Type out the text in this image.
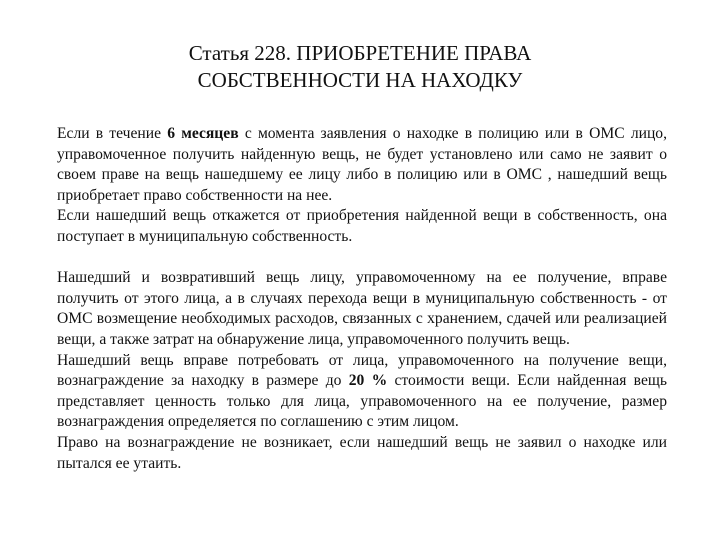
Статья 228. ПРИОБРЕТЕНИЕ ПРАВА
СОБСТВЕННОСТИ НА НАХОДКУ

Если в течение 6 месяцев с момента заявления о находке в полицию или в ОМС лицо, управомоченное получить найденную вещь, не будет установлено или само не заявит о своем праве на вещь нашедшему ее лицу либо в полицию или в ОМС , нашедший вещь приобретает право собственности на нее.

Если нашедший вещь откажется от приобретения найденной вещи в собственность, она поступает в муниципальную собственность.

Нашедший и возвративший вещь лицу, управомоченному на ее получение, вправе получить от этого лица, а в случаях перехода вещи в муниципальную собственность - от ОМС возмещение необходимых расходов, связанных с хранением, сдачей или реализацией вещи, а также затрат на обнаружение лица, управомоченного получить вещь.

Нашедший вещь вправе потребовать от лица, управомоченного на получение вещи, вознаграждение за находку в размере до 20 % стоимости вещи. Если найденная вещь представляет ценность только для лица, управомоченного на ее получение, размер вознаграждения определяется по соглашению с этим лицом.

Право на вознаграждение не возникает, если нашедший вещь не заявил о находке или пытался ее утаить.
